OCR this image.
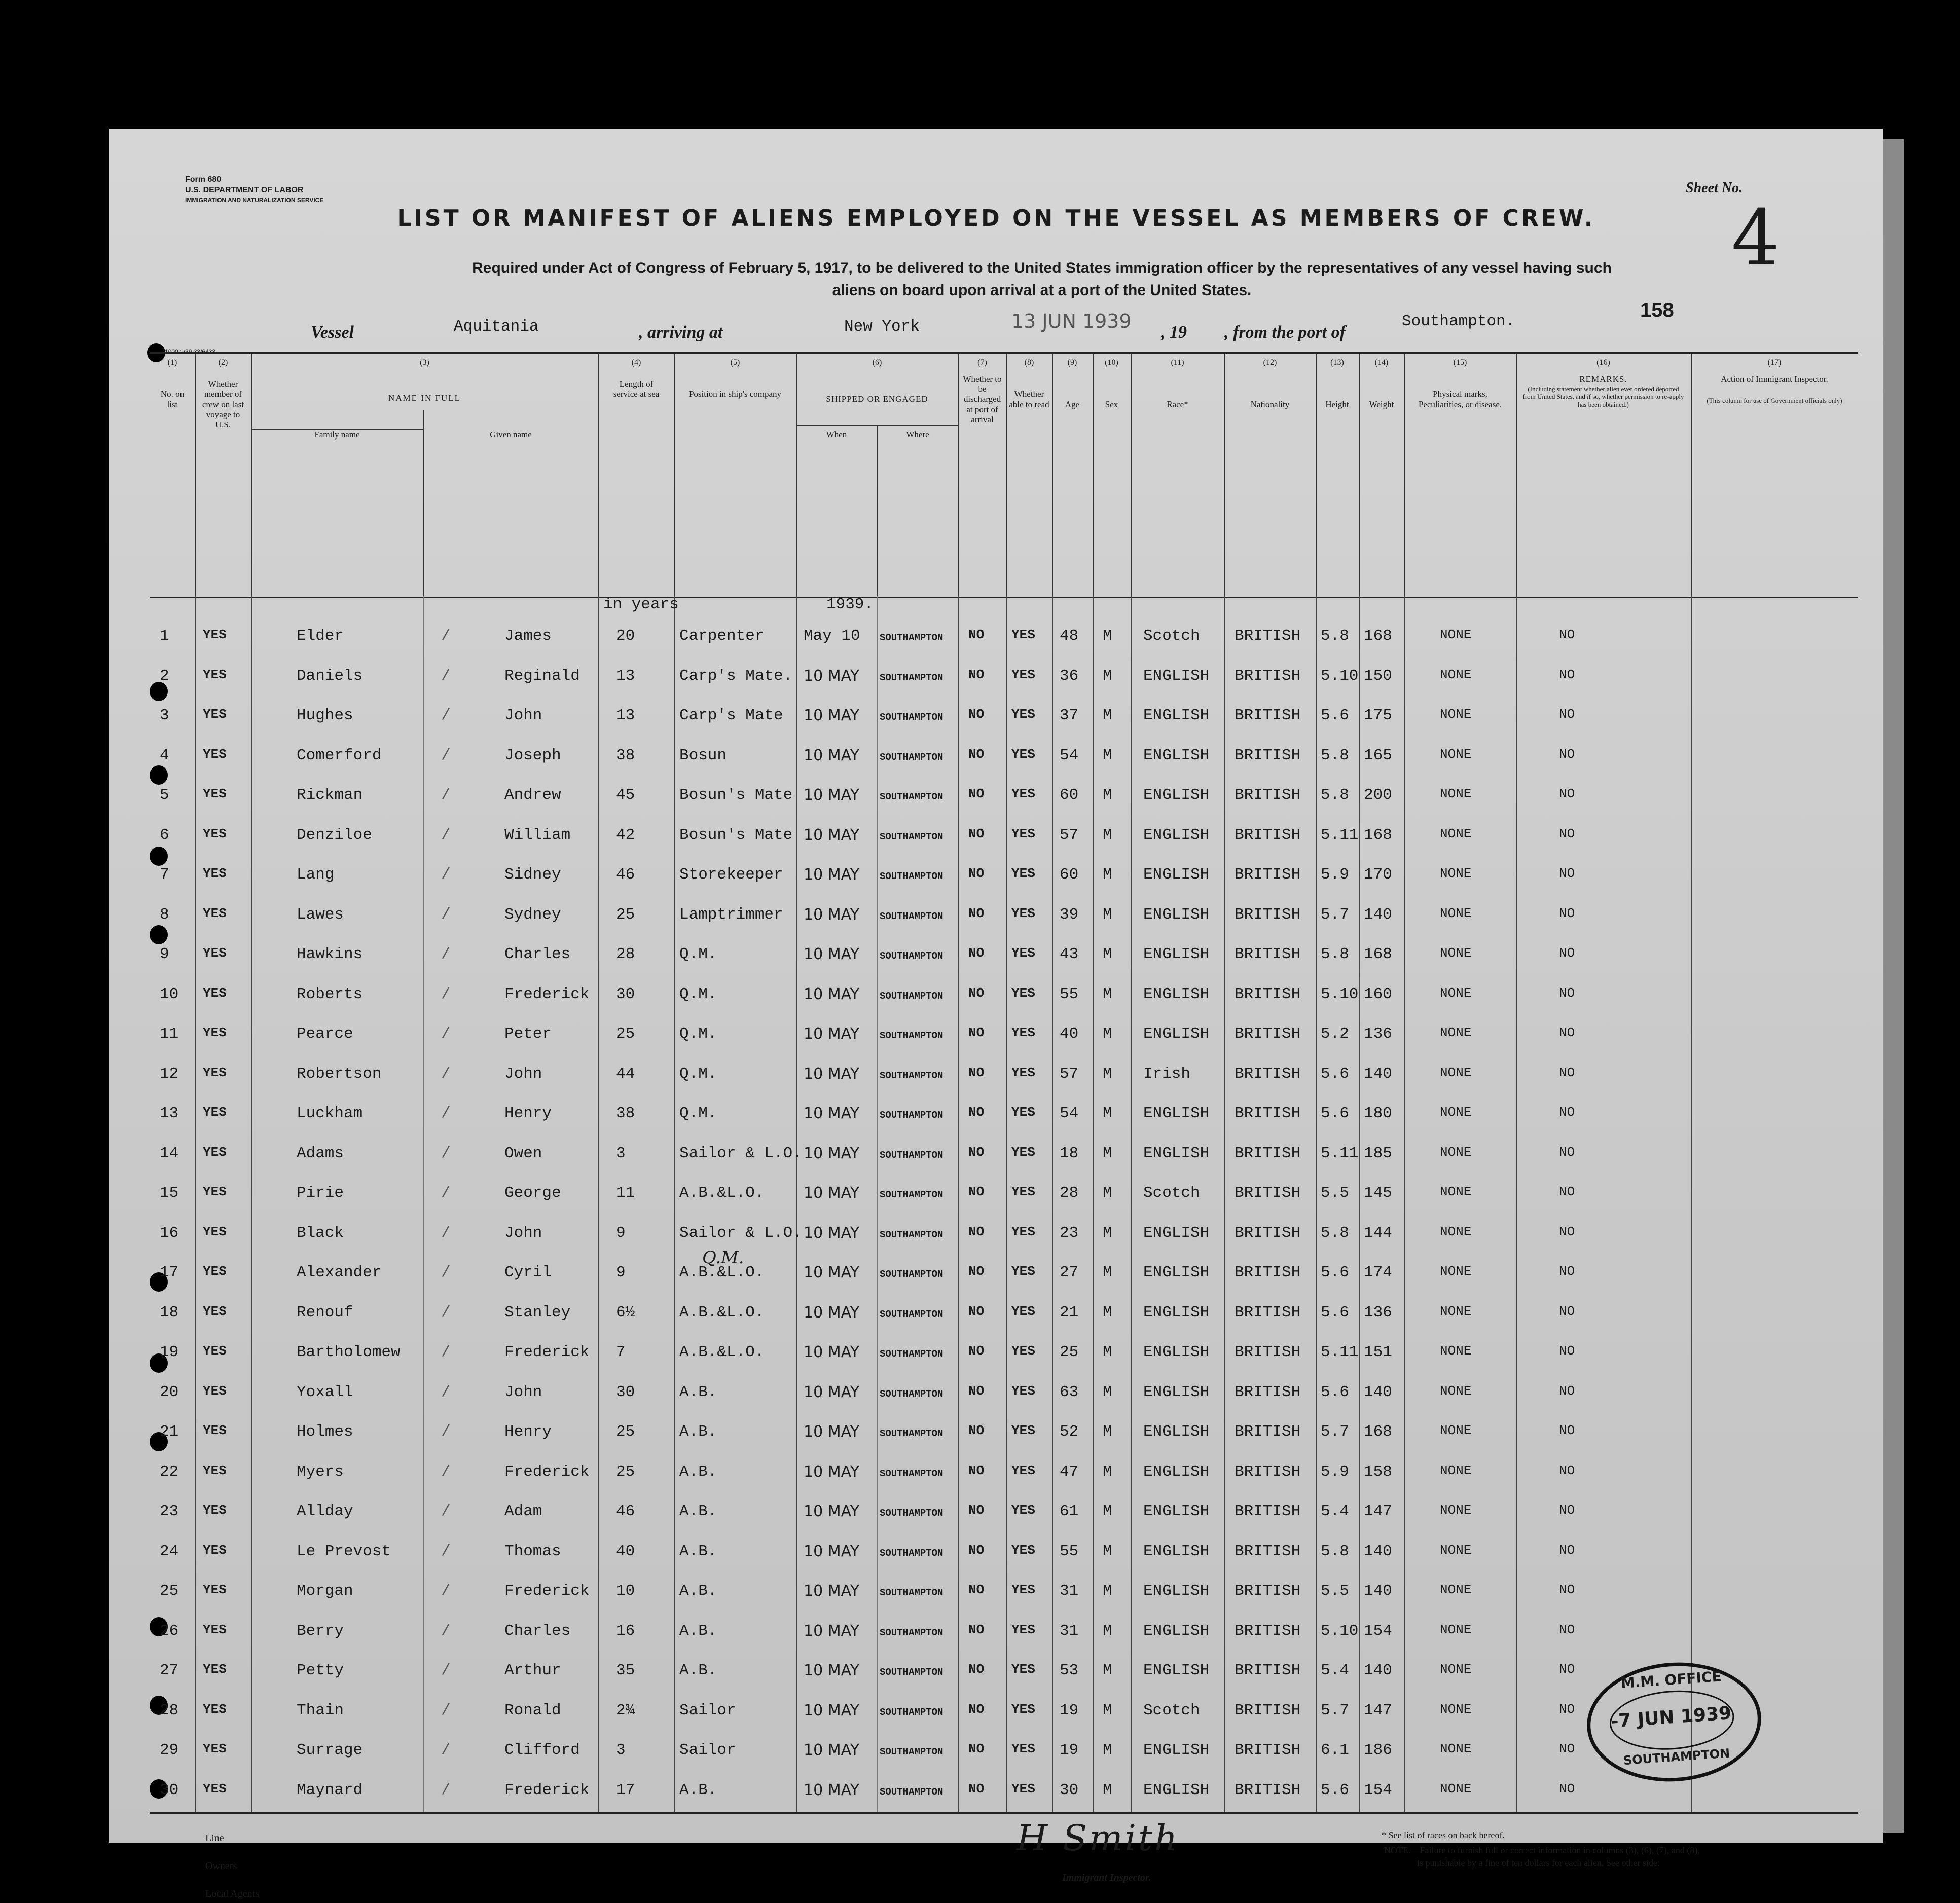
Form 680
U.S. DEPARTMENT OF LABOR
IMMIGRATION AND NATURALIZATION SERVICE
Sheet No.
4
LIST OR MANIFEST OF ALIENS EMPLOYED ON THE VESSEL AS MEMBERS OF CREW.
Required under Act of Congress of February 5, 1917, to be delivered to the United States immigration officer by the representatives of any vessel having such
aliens on board upon arrival at a port of the United States.
158
Vessel	Aquitania	, arriving at	New York	13 JUN 1939 , 19 , from the port of
Southampton.
1000 1/39 33/6433
(1)
No. on list
(2)
Whether member of crew on last voyage to U.S.
(3)
NAME IN FULL
Family name	Given name
(4)
Length of service at sea
(5)
Position in ship's company
(6)
SHIPPED OR ENGAGED
When	Where
(7)
Whether to be discharged at port of arrival
(8)
Whether able to read
(9)
Age
(10)
Sex
(11)
Race*
(12)
Nationality
(13)
Height
(14)
Weight
(15)
Physical marks, Peculiarities, or disease.
(16)
REMARKS.
(Including statement whether alien ever ordered deported from United States, and if so, whether permission to re-apply has been obtained.)
(17)
Action of Immigrant Inspector.
(This column for use of Government officials only)
in years	1939.
1	YES	Elder	/	James	20	Carpenter	May 10	SOUTHAMPTON	NO	YES	48	M	Scotch	BRITISH	5.8 168	NONE	NO
2	YES	Daniels	/	Reginald	13	Carp's Mate. 10 MAY	SOUTHAMPTON	NO	YES	36	M	ENGLISH	BRITISH	5.10 150	NONE	NO
3	YES	Hughes	/	John	13	Carp's Mate	10 MAY	SOUTHAMPTON	NO	YES	37	M	ENGLISH	BRITISH	5.6 175	NONE	NO
4	YES	Comerford	/	Joseph	38	Bosun	10 MAY	SOUTHAMPTON	NO	YES	54	M	ENGLISH	BRITISH	5.8 165	NONE	NO
5	YES	Rickman	/	Andrew	45	Bosun's Mate 10 MAY	SOUTHAMPTON	NO	YES	60	M	ENGLISH	BRITISH	5.8 200	NONE	NO
6	YES	Denziloe	/	William	42	Bosun's Mate 10 MAY	SOUTHAMPTON	NO	YES	57	M	ENGLISH	BRITISH	5.11 168	NONE	NO
7	YES	Lang	/	Sidney	46	Storekeeper	10 MAY	SOUTHAMPTON	NO	YES	60	M	ENGLISH	BRITISH	5.9 170	NONE	NO
8	YES	Lawes	/	Sydney	25	Lamptrimmer	10 MAY	SOUTHAMPTON	NO	YES	39	M	ENGLISH	BRITISH	5.7 140	NONE	NO
9	YES	Hawkins	/	Charles	28	Q.M.	10 MAY	SOUTHAMPTON	NO	YES	43	M	ENGLISH	BRITISH	5.8 168	NONE	NO
10	YES	Roberts	/	Frederick	30	Q.M.	10 MAY	SOUTHAMPTON	NO	YES	55	M	ENGLISH	BRITISH	5.10 160	NONE	NO
11	YES	Pearce	/	Peter	25	Q.M.	10 MAY	SOUTHAMPTON	NO	YES	40	M	ENGLISH	BRITISH	5.2 136	NONE	NO
12	YES	Robertson	/	John	44	Q.M.	10 MAY	SOUTHAMPTON	NO	YES	57	M	Irish	BRITISH	5.6 140	NONE	NO
13	YES	Luckham	/	Henry	38	Q.M.	10 MAY	SOUTHAMPTON	NO	YES	54	M	ENGLISH	BRITISH	5.6 180	NONE	NO
14	YES	Adams	/	Owen	3	Sailor & L.O. 10 MAY	SOUTHAMPTON	NO	YES	18	M	ENGLISH	BRITISH	5.11 185	NONE	NO
15	YES	Pirie	/	George	11	A.B.&L.O.	10 MAY	SOUTHAMPTON	NO	YES	28	M	Scotch	BRITISH	5.5 145	NONE	NO
16	YES	Black	/	John	9	Sailor & L.O. 10 MAY	SOUTHAMPTON	NO	YES	23	M	ENGLISH	BRITISH	5.8 144	NONE	NO
17	YES	Alexander	/	Cyril	9	A.B.&L.O.	10 MAY	SOUTHAMPTON	NO	YES	27	M	ENGLISH	BRITISH	5.6 174	NONE	NO
Q.M.
18	YES	Renouf	/	Stanley	6½	A.B.&L.O.	10 MAY	SOUTHAMPTON	NO	YES	21	M	ENGLISH	BRITISH	5.6 136	NONE	NO
19	YES	Bartholomew	/	Frederick	7	A.B.&L.O.	10 MAY	SOUTHAMPTON	NO	YES	25	M	ENGLISH	BRITISH	5.11 151	NONE	NO
20	YES	Yoxall	/	John	30	A.B.	10 MAY	SOUTHAMPTON	NO	YES	63	M	ENGLISH	BRITISH	5.6 140	NONE	NO
21	YES	Holmes	/	Henry	25	A.B.	10 MAY	SOUTHAMPTON	NO	YES	52	M	ENGLISH	BRITISH	5.7 168	NONE	NO
22	YES	Myers	/	Frederick	25	A.B.	10 MAY	SOUTHAMPTON	NO	YES	47	M	ENGLISH	BRITISH	5.9 158	NONE	NO
23	YES	Allday	/	Adam	46	A.B.	10 MAY	SOUTHAMPTON	NO	YES	61	M	ENGLISH	BRITISH	5.4 147	NONE	NO
24	YES	Le Prevost	/	Thomas	40	A.B.	10 MAY	SOUTHAMPTON	NO	YES	55	M	ENGLISH	BRITISH	5.8 140	NONE	NO
25	YES	Morgan	/	Frederick	10	A.B.	10 MAY	SOUTHAMPTON	NO	YES	31	M	ENGLISH	BRITISH	5.5 140	NONE	NO
26	YES	Berry	/	Charles	16	A.B.	10 MAY	SOUTHAMPTON	NO	YES	31	M	ENGLISH	BRITISH	5.10 154	NONE	NO
27	YES	Petty	/	Arthur	35	A.B.	10 MAY	SOUTHAMPTON	NO	YES	53	M	ENGLISH	BRITISH	5.4 140	NONE	NO
28	YES	Thain	/	Ronald	2¾	Sailor	10 MAY	SOUTHAMPTON	NO	YES	19	M	Scotch	BRITISH	5.7 147	NONE	NO
29	YES	Surrage	/	Clifford	3	Sailor	10 MAY	SOUTHAMPTON	NO	YES	19	M	ENGLISH	BRITISH	6.1 186	NONE	NO
30	YES	Maynard	/	Frederick	17	A.B.	10 MAY	SOUTHAMPTON	NO	YES	30	M	ENGLISH	BRITISH	5.6 154	NONE	NO
M.M. OFFICE
-7 JUN 1939
SOUTHAMPTON
Line
Owners
Local Agents
H Smith
Immigrant Inspector.
* See list of races on back hereof.
NOTE.—Failure to furnish full or correct information in columns (3), (6), (7), and (8),
is punishable by a fine of ten dollars for each alien. See other side.
